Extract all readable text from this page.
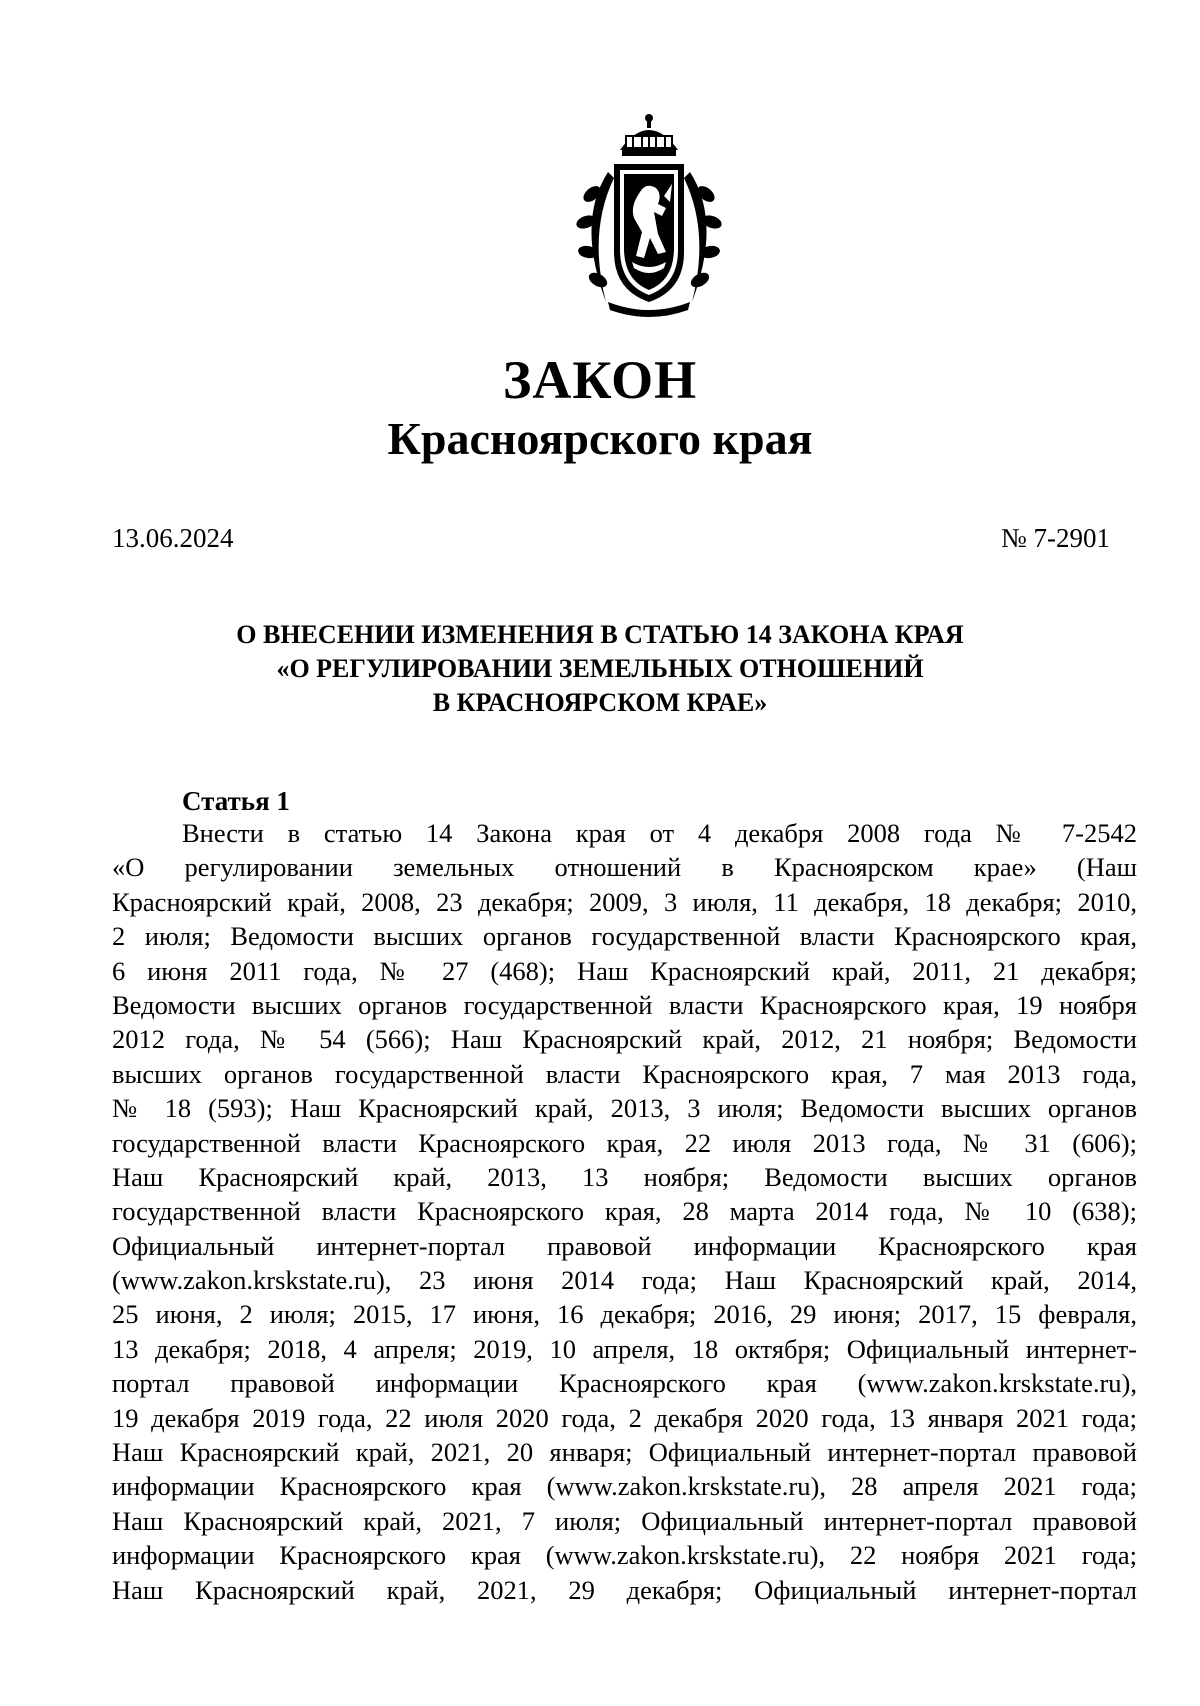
ЗАКОН
Красноярского края
13.06.2024	№ 7-2901
О ВНЕСЕНИИ ИЗМЕНЕНИЯ В СТАТЬЮ 14 ЗАКОНА КРАЯ
«О РЕГУЛИРОВАНИИ ЗЕМЕЛЬНЫХ ОТНОШЕНИЙ
В КРАСНОЯРСКОМ КРАЕ»
Статья 1
Внести в статью 14 Закона края от 4 декабря 2008 года № 7-2542
«О регулировании земельных отношений в Красноярском крае» (Наш
Красноярский край, 2008, 23 декабря; 2009, 3 июля, 11 декабря, 18 декабря; 2010,
2 июля; Ведомости высших органов государственной власти Красноярского края,
6 июня 2011 года, № 27 (468); Наш Красноярский край, 2011, 21 декабря;
Ведомости высших органов государственной власти Красноярского края, 19 ноября
2012 года, № 54 (566); Наш Красноярский край, 2012, 21 ноября; Ведомости
высших органов государственной власти Красноярского края, 7 мая 2013 года,
№ 18 (593); Наш Красноярский край, 2013, 3 июля; Ведомости высших органов
государственной власти Красноярского края, 22 июля 2013 года, № 31 (606);
Наш Красноярский край, 2013, 13 ноября; Ведомости высших органов
государственной власти Красноярского края, 28 марта 2014 года, № 10 (638);
Официальный интернет-портал правовой информации Красноярского края
(www.zakon.krskstate.ru), 23 июня 2014 года; Наш Красноярский край, 2014,
25 июня, 2 июля; 2015, 17 июня, 16 декабря; 2016, 29 июня; 2017, 15 февраля,
13 декабря; 2018, 4 апреля; 2019, 10 апреля, 18 октября; Официальный интернет-
портал правовой информации Красноярского края (www.zakon.krskstate.ru),
19 декабря 2019 года, 22 июля 2020 года, 2 декабря 2020 года, 13 января 2021 года;
Наш Красноярский край, 2021, 20 января; Официальный интернет-портал правовой
информации Красноярского края (www.zakon.krskstate.ru), 28 апреля 2021 года;
Наш Красноярский край, 2021, 7 июля; Официальный интернет-портал правовой
информации Красноярского края (www.zakon.krskstate.ru), 22 ноября 2021 года;
Наш Красноярский край, 2021, 29 декабря; Официальный интернет-портал
